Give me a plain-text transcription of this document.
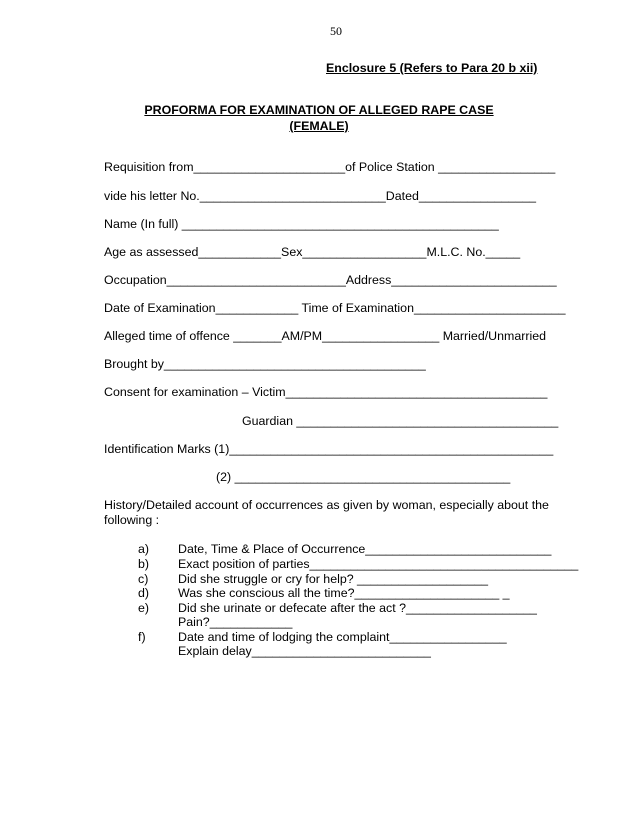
50
Enclosure 5 (Refers to Para 20 b xii)
PROFORMA FOR EXAMINATION OF ALLEGED RAPE CASE
(FEMALE)
Requisition from______________________of Police Station _________________
vide his letter No.___________________________Dated_________________
Name (In full) ______________________________________________
Age as assessed____________Sex__________________M.L.C. No._____
Occupation__________________________Address________________________
Date of Examination____________ Time of Examination______________________
Alleged time of offence _______AM/PM_________________ Married/Unmarried
Brought by______________________________________
Consent for examination – Victim______________________________________
Guardian ______________________________________
Identification Marks (1)_______________________________________________
(2) ________________________________________
History/Detailed account of occurrences as given by woman, especially about the
following :
a) Date, Time & Place of Occurrence___________________________
b) Exact position of parties_______________________________________
c) Did she struggle or cry for help? ___________________
d) Was she conscious all the time?_____________________ _
e) Did she urinate or defecate after the act ?___________________
Pain?____________
f)	Date and time of lodging the complaint_________________
Explain delay__________________________
